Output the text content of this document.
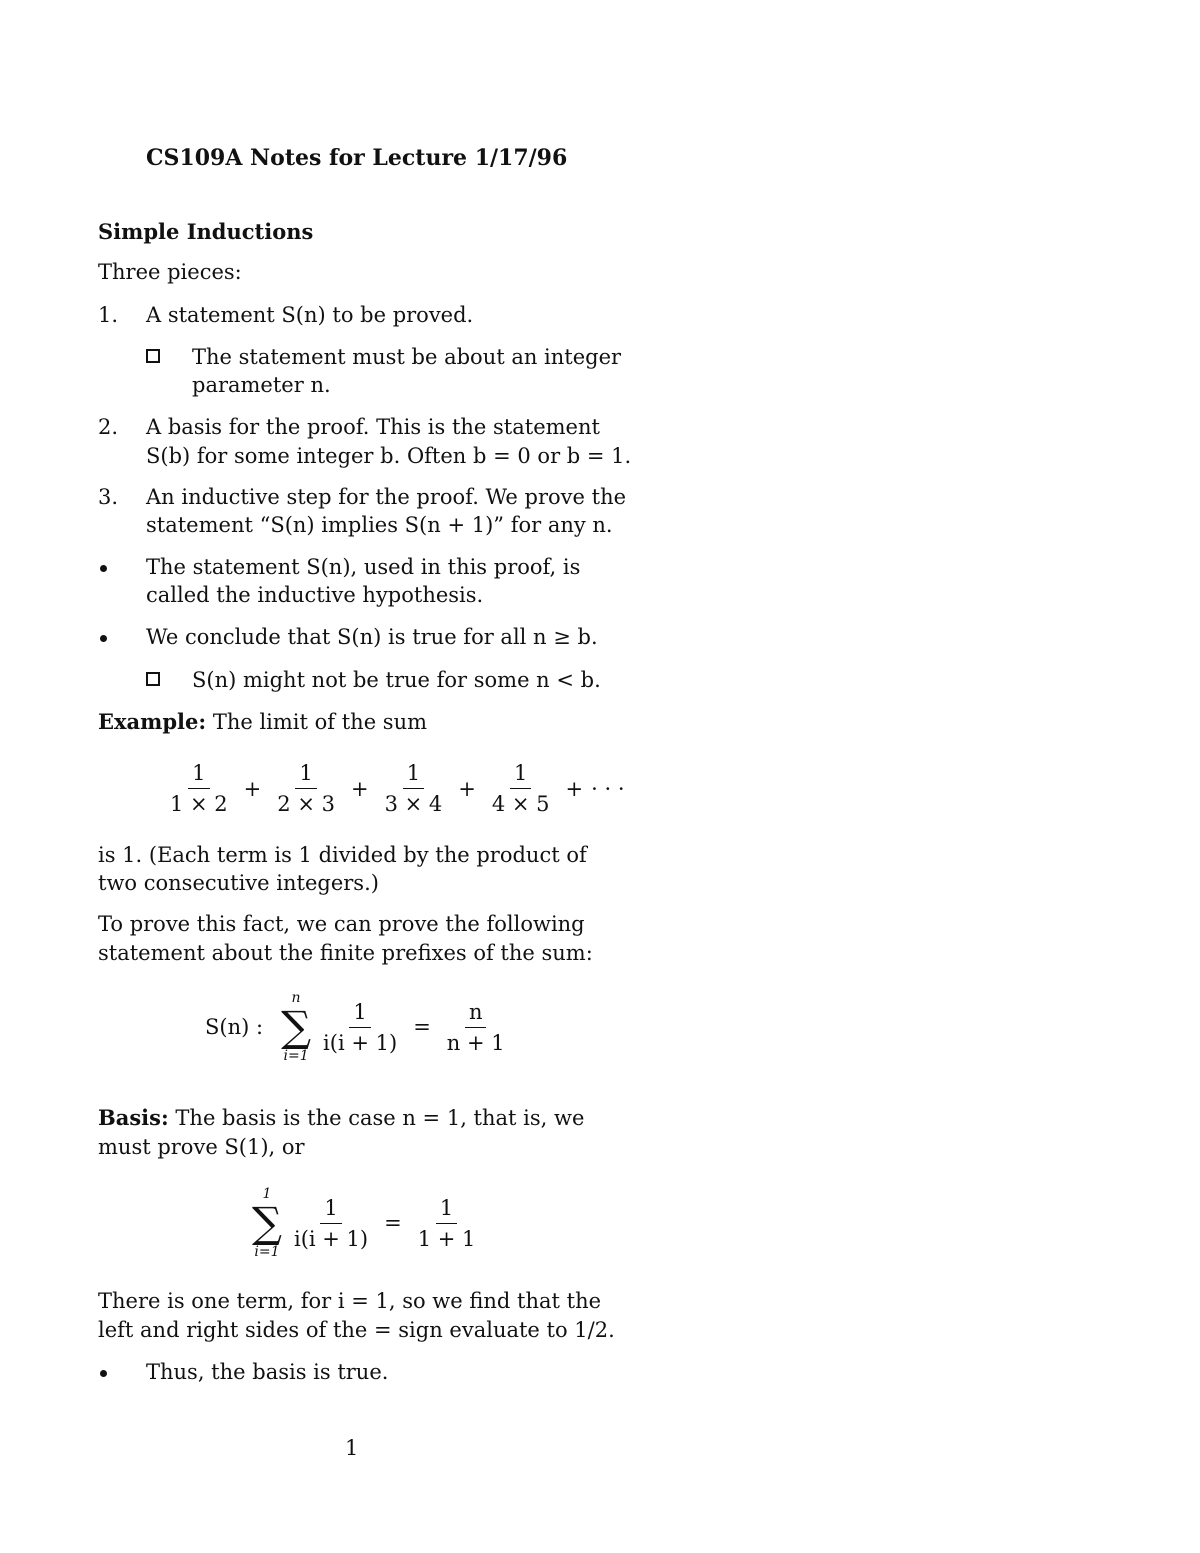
CS109A Notes for Lecture 1/17/96
Simple Inductions
Three pieces:
1. A statement S(n) to be proved.
The statement must be about an integer
parameter n.
2. A basis for the proof. This is the statement
S(b) for some integer b. Often b = 0 or b = 1.
3. An inductive step for the proof. We prove the
statement “S(n) implies S(n + 1)” for any n.
The statement S(n), used in this proof, is
called the inductive hypothesis.
We conclude that S(n) is true for all n ≥ b.
S(n) might not be true for some n < b.
Example: The limit of the sum
$\frac{1}{1 \times 2} + \frac{1}{2 \times 3} + \frac{1}{3 \times 4} + \frac{1}{4 \times 5}$ + · · ·
is 1. (Each term is 1 divided by the product of
two consecutive integers.)
To prove this fact, we can prove the following
statement about the finite prefixes of the sum:
S(n) :
n
∑
$i=1 \frac{1}{i(i + 1)} = \frac{n}{n + 1}$
Basis: The basis is the case n = 1, that is, we
must prove S(1), or
1
∑
$i=1 \frac{1}{i(i + 1)} = \frac{1}{1 + 1}$
There is one term, for i = 1, so we find that the
left and right sides of the = sign evaluate to 1/2.
Thus, the basis is true.
1
